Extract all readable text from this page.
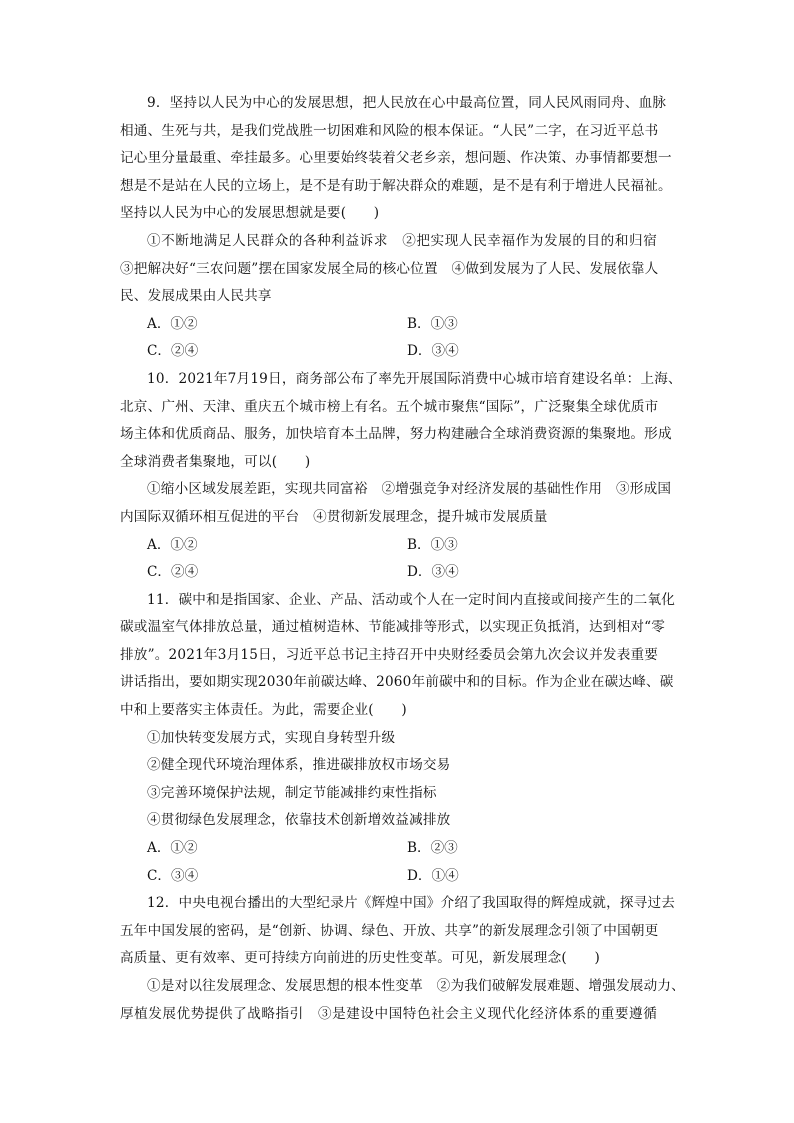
9．坚持以人民为中心的发展思想，把人民放在心中最高位置，同人民风雨同舟、血脉
相通、生死与共，是我们党战胜一切困难和风险的根本保证。“人民”二字，在习近平总书
记心里分量最重、牵挂最多。心里要始终装着父老乡亲，想问题、作决策、办事情都要想一
想是不是站在人民的立场上，是不是有助于解决群众的难题，是不是有利于增进人民福祉。
坚持以人民为中心的发展思想就是要(　　)
①不断地满足人民群众的各种利益诉求　②把实现人民幸福作为发展的目的和归宿
③把解决好“三农问题”摆在国家发展全局的核心位置　④做到发展为了人民、发展依靠人
民、发展成果由人民共享
A．①②	B．①③
C．②④	D．③④
10．2021年7月19日，商务部公布了率先开展国际消费中心城市培育建设名单：上海、
北京、广州、天津、重庆五个城市榜上有名。五个城市聚焦“国际”，广泛聚集全球优质市
场主体和优质商品、服务，加快培育本土品牌，努力构建融合全球消费资源的集聚地。形成
全球消费者集聚地，可以(　　)
①缩小区域发展差距，实现共同富裕　②增强竞争对经济发展的基础性作用　③形成国
内国际双循环相互促进的平台　④贯彻新发展理念，提升城市发展质量
A．①②	B．①③
C．②④	D．③④
11．碳中和是指国家、企业、产品、活动或个人在一定时间内直接或间接产生的二氧化
碳或温室气体排放总量，通过植树造林、节能减排等形式，以实现正负抵消，达到相对“零
排放”。2021年3月15日，习近平总书记主持召开中央财经委员会第九次会议并发表重要
讲话指出，要如期实现2030年前碳达峰、2060年前碳中和的目标。作为企业在碳达峰、碳
中和上要落实主体责任。为此，需要企业(　　)
①加快转变发展方式，实现自身转型升级
②健全现代环境治理体系，推进碳排放权市场交易
③完善环境保护法规，制定节能减排约束性指标
④贯彻绿色发展理念，依靠技术创新增效益减排放
A．①②	B．②③
C．③④	D．①④
12．中央电视台播出的大型纪录片《辉煌中国》介绍了我国取得的辉煌成就，探寻过去
五年中国发展的密码，是“创新、协调、绿色、开放、共享”的新发展理念引领了中国朝更
高质量、更有效率、更可持续方向前进的历史性变革。可见，新发展理念(　　)
①是对以往发展理念、发展思想的根本性变革　②为我们破解发展难题、增强发展动力、
厚植发展优势提供了战略指引　③是建设中国特色社会主义现代化经济体系的重要遵循
